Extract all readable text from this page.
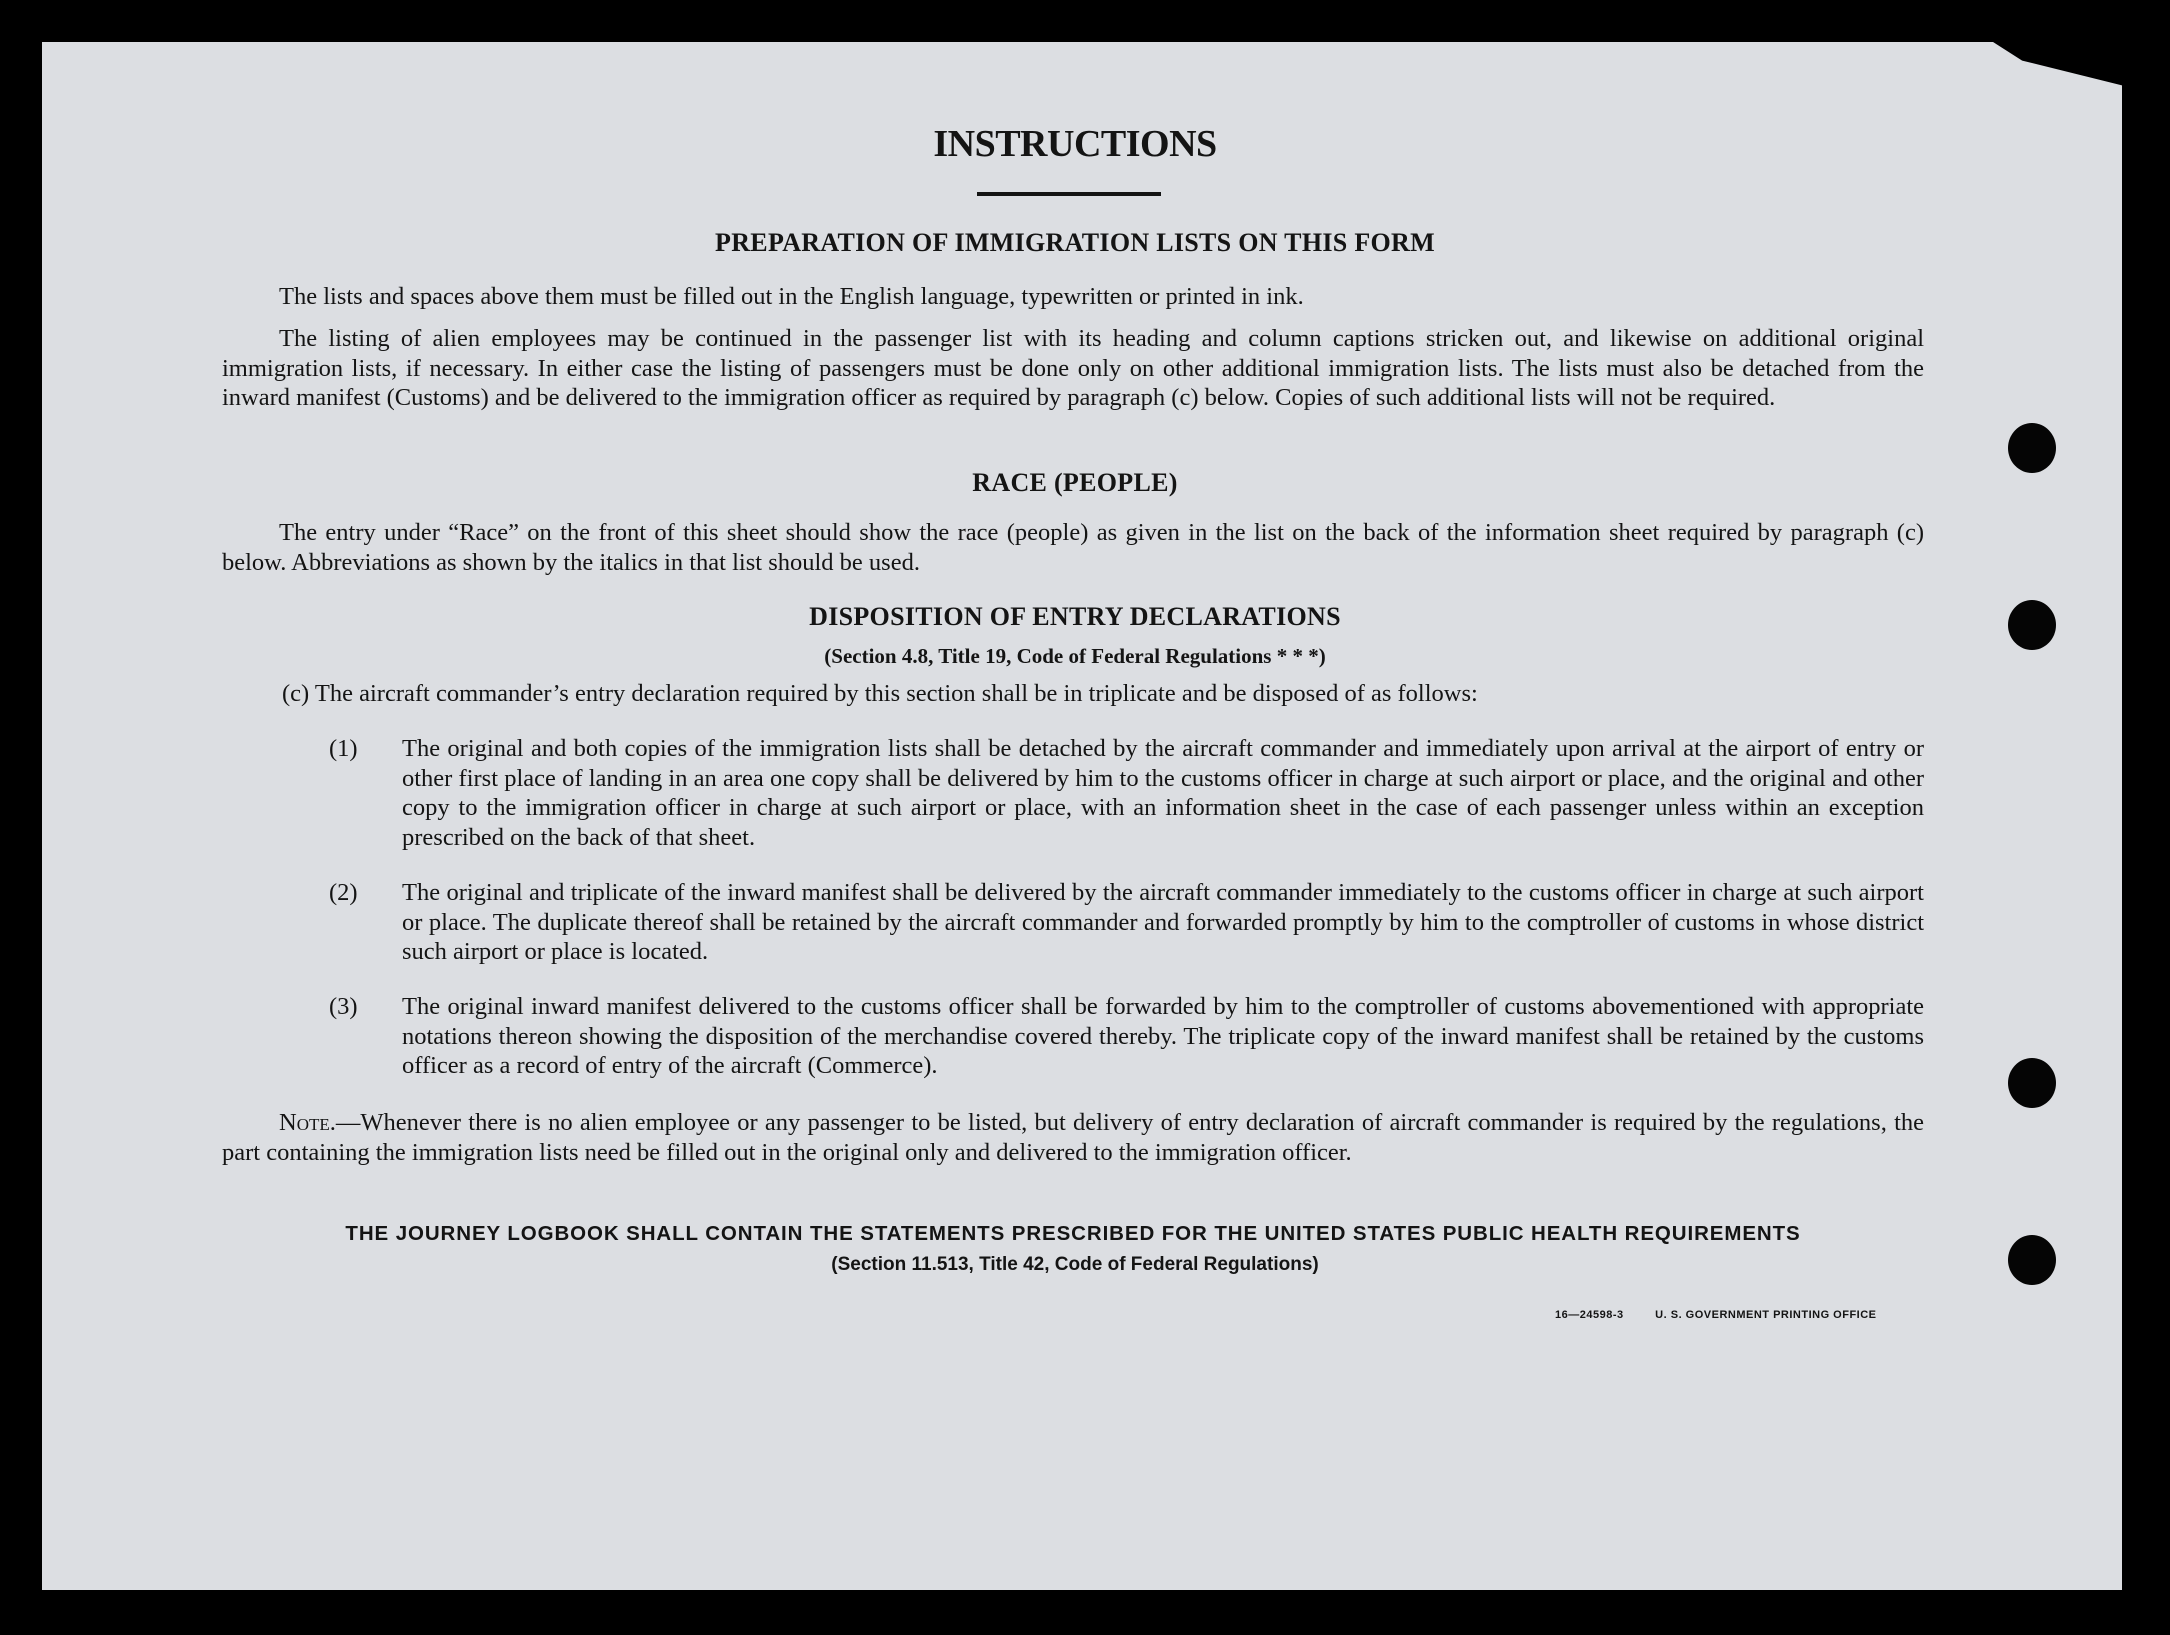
INSTRUCTIONS
PREPARATION OF IMMIGRATION LISTS ON THIS FORM
The lists and spaces above them must be filled out in the English language, typewritten or printed in ink.
The listing of alien employees may be continued in the passenger list with its heading and column captions stricken out, and likewise on additional original immigration lists, if necessary. In either case the listing of passengers must be done only on other additional immigration lists. The lists must also be detached from the inward manifest (Customs) and be delivered to the immigration officer as required by paragraph (c) below. Copies of such additional lists will not be required.
RACE (PEOPLE)
The entry under “Race” on the front of this sheet should show the race (people) as given in the list on the back of the information sheet required by paragraph (c) below. Abbreviations as shown by the italics in that list should be used.
DISPOSITION OF ENTRY DECLARATIONS
(Section 4.8, Title 19, Code of Federal Regulations * * *)
(c) The aircraft commander’s entry declaration required by this section shall be in triplicate and be disposed of as follows:
(1) The original and both copies of the immigration lists shall be detached by the aircraft commander and immediately upon arrival at the airport of entry or other first place of landing in an area one copy shall be delivered by him to the customs officer in charge at such airport or place, and the original and other copy to the immigration officer in charge at such airport or place, with an information sheet in the case of each passenger unless within an exception prescribed on the back of that sheet.
(2) The original and triplicate of the inward manifest shall be delivered by the aircraft commander immediately to the customs officer in charge at such airport or place. The duplicate thereof shall be retained by the aircraft commander and forwarded promptly by him to the comptroller of customs in whose district such airport or place is located.
(3) The original inward manifest delivered to the customs officer shall be forwarded by him to the comptroller of customs abovementioned with appropriate notations thereon showing the disposition of the merchandise covered thereby. The triplicate copy of the inward manifest shall be retained by the customs officer as a record of entry of the aircraft (Commerce).
Note.—Whenever there is no alien employee or any passenger to be listed, but delivery of entry declaration of aircraft commander is required by the regulations, the part containing the immigration lists need be filled out in the original only and delivered to the immigration officer.
THE JOURNEY LOGBOOK SHALL CONTAIN THE STATEMENTS PRESCRIBED FOR THE UNITED STATES PUBLIC HEALTH REQUIREMENTS
(Section 11.513, Title 42, Code of Federal Regulations)
16—24598-3	U. S. GOVERNMENT PRINTING OFFICE
